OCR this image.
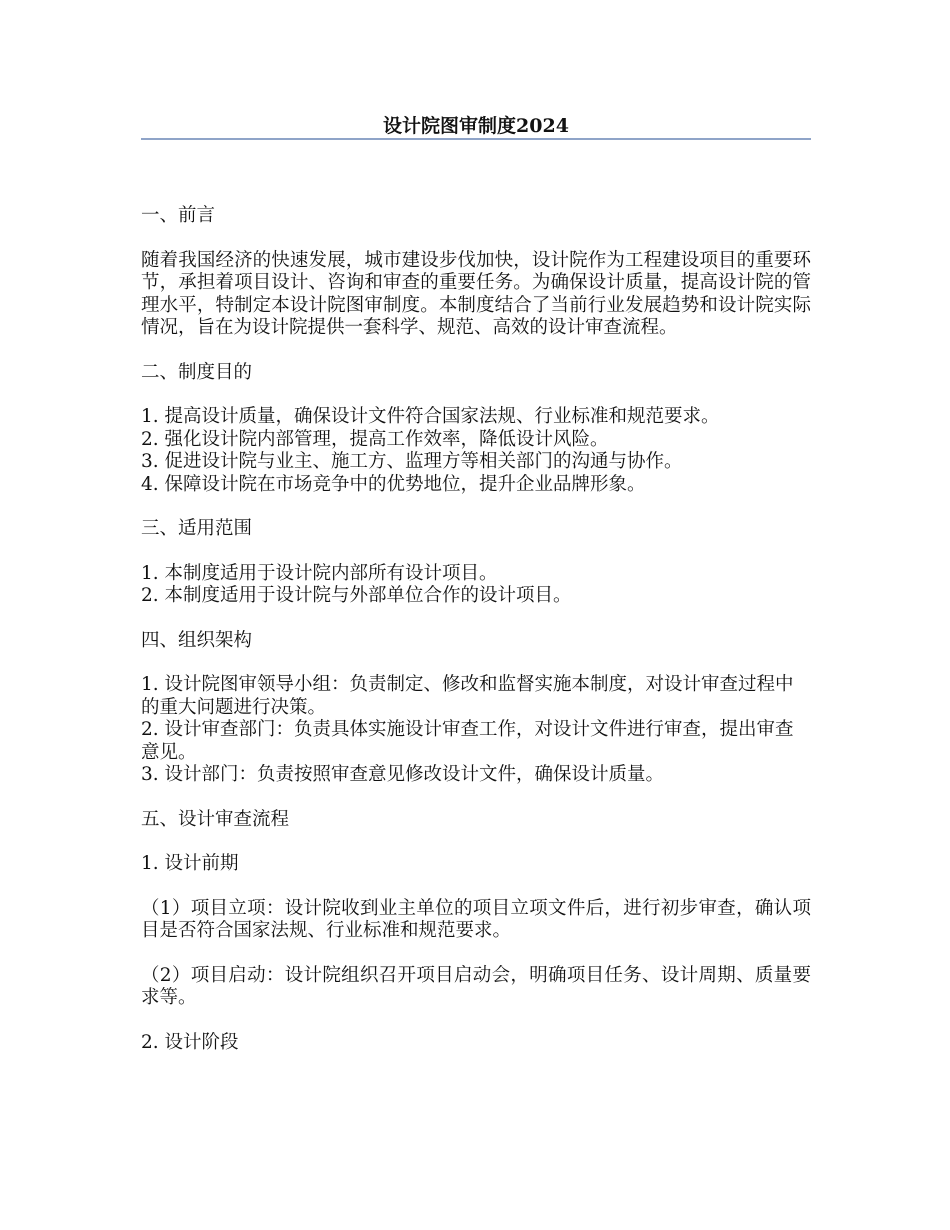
设计院图审制度2024

一、前言

随着我国经济的快速发展，城市建设步伐加快，设计院作为工程建设项目的重要环节，承担着项目设计、咨询和审查的重要任务。为确保设计质量，提高设计院的管理水平，特制定本设计院图审制度。本制度结合了当前行业发展趋势和设计院实际情况，旨在为设计院提供一套科学、规范、高效的设计审查流程。

二、制度目的

1. 提高设计质量，确保设计文件符合国家法规、行业标准和规范要求。

2. 强化设计院内部管理，提高工作效率，降低设计风险。

3. 促进设计院与业主、施工方、监理方等相关部门的沟通与协作。

4. 保障设计院在市场竞争中的优势地位，提升企业品牌形象。

三、适用范围

1. 本制度适用于设计院内部所有设计项目。

2. 本制度适用于设计院与外部单位合作的设计项目。

四、组织架构

1. 设计院图审领导小组：负责制定、修改和监督实施本制度，对设计审查过程中的重大问题进行决策。

2. 设计审查部门：负责具体实施设计审查工作，对设计文件进行审查，提出审查意见。

3. 设计部门：负责按照审查意见修改设计文件，确保设计质量。

五、设计审查流程

1. 设计前期

（1）项目立项：设计院收到业主单位的项目立项文件后，进行初步审查，确认项目是否符合国家法规、行业标准和规范要求。

（2）项目启动：设计院组织召开项目启动会，明确项目任务、设计周期、质量要求等。

2. 设计阶段
